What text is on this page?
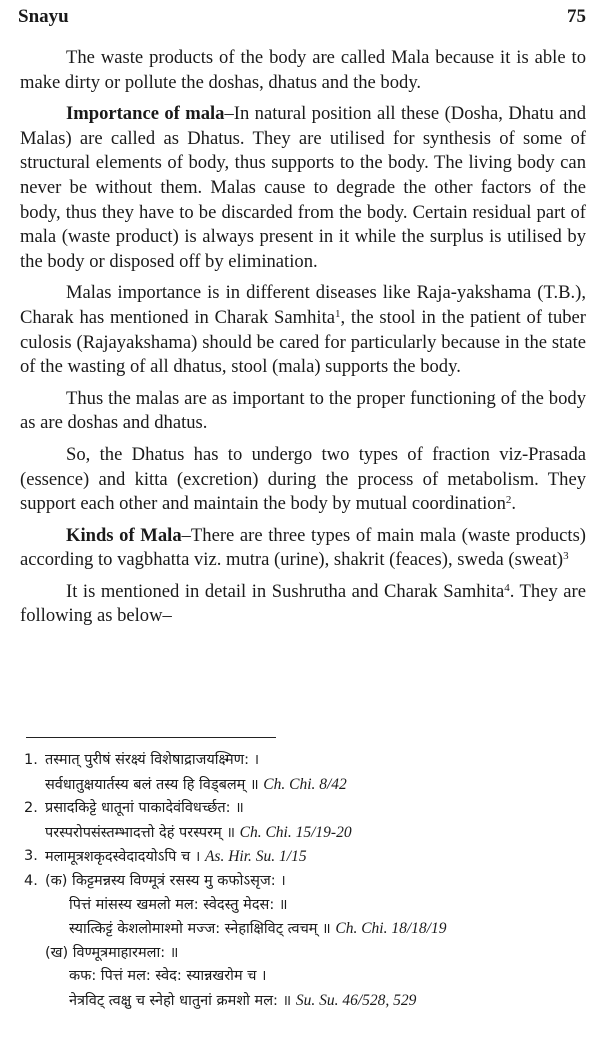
Snayu	75

The waste products of the body are called Mala because it is able to make dirty or pollute the doshas, dhatus and the body.

Importance of mala–In natural position all these (Dosha, Dhatu and Malas) are called as Dhatus. They are utilised for synthesis of some of structural elements of body, thus supports to the body. The living body can never be without them. Malas cause to degrade the other factors of the body, thus they have to be discarded from the body. Certain residual part of mala (waste product) is always present in it while the surplus is utilised by the body or disposed off by elimination.

Malas importance is in different diseases like Raja-yakshama (T.B.), Charak has mentioned in Charak Samhita$^1$, the stool in the patient of tuber culosis (Rajayakshama) should be cared for particularly because in the state of the wasting of all dhatus, stool (mala) supports the body.

Thus the malas are as important to the proper functioning of the body as are doshas and dhatus.

So, the Dhatus has to undergo two types of fraction viz-Prasada (essence) and kitta (excretion) during the process of metabolism. They support each other and maintain the body by mutual coordination$^2$.

Kinds of Mala–There are three types of main mala (waste products) according to vagbhatta viz. mutra (urine), shakrit (feaces), sweda (sweat)$^3$

It is mentioned in detail in Sushrutha and Charak Samhita$^4$. They are following as below–

1. तस्मात् पुरीषं संरक्ष्यं विशेषाद्राजयक्ष्मिण: ।
सर्वधातुक्षयार्तस्य बलं तस्य हि विड्बलम् ॥ Ch. Chi. 8/42
2. प्रसादकिट्टे धातूनां पाकादेवंविधर्च्छत: ॥
परस्परोपसंस्तम्भादत्तो देहं परस्परम् ॥ Ch. Chi. 15/19-20
3. मलामूत्रशकृदस्वेदादयोऽपि च । As. Hir. Su. 1/15
4. (क) किट्टमन्नस्य विण्मूत्रं रसस्य मु कफोऽसृज: ।
पित्तं मांसस्य खमलो मल: स्वेदस्तु मेदस: ॥
स्यात्किट्टं केशलोमाश्मो मज्ज: स्नेहाक्षिविट् त्वचम् ॥ Ch. Chi. 18/18/19
(ख) विण्मूत्रमाहारमला: ॥
कफ: पित्तं मल: स्वेद: स्यान्नखरोम च ।
नेत्रविट् त्वक्षु च स्नेहो धातुनां क्रमशो मल: ॥ Su. Su. 46/528, 529
